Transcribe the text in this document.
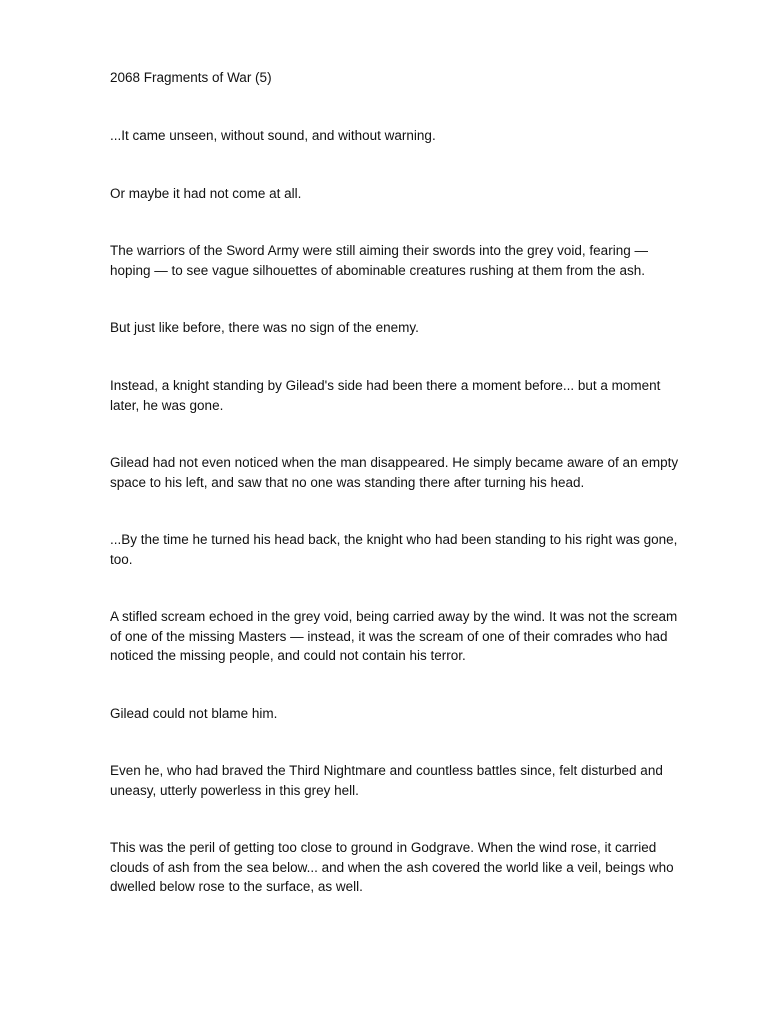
2068 Fragments of War (5)

...It came unseen, without sound, and without warning.

Or maybe it had not come at all.

The warriors of the Sword Army were still aiming their swords into the grey void, fearing —
hoping — to see vague silhouettes of abominable creatures rushing at them from the ash.

But just like before, there was no sign of the enemy.

Instead, a knight standing by Gilead's side had been there a moment before... but a moment
later, he was gone.

Gilead had not even noticed when the man disappeared. He simply became aware of an empty
space to his left, and saw that no one was standing there after turning his head.

...By the time he turned his head back, the knight who had been standing to his right was gone,
too.

A stifled scream echoed in the grey void, being carried away by the wind. It was not the scream
of one of the missing Masters — instead, it was the scream of one of their comrades who had
noticed the missing people, and could not contain his terror.

Gilead could not blame him.

Even he, who had braved the Third Nightmare and countless battles since, felt disturbed and
uneasy, utterly powerless in this grey hell.

This was the peril of getting too close to ground in Godgrave. When the wind rose, it carried
clouds of ash from the sea below... and when the ash covered the world like a veil, beings who
dwelled below rose to the surface, as well.
